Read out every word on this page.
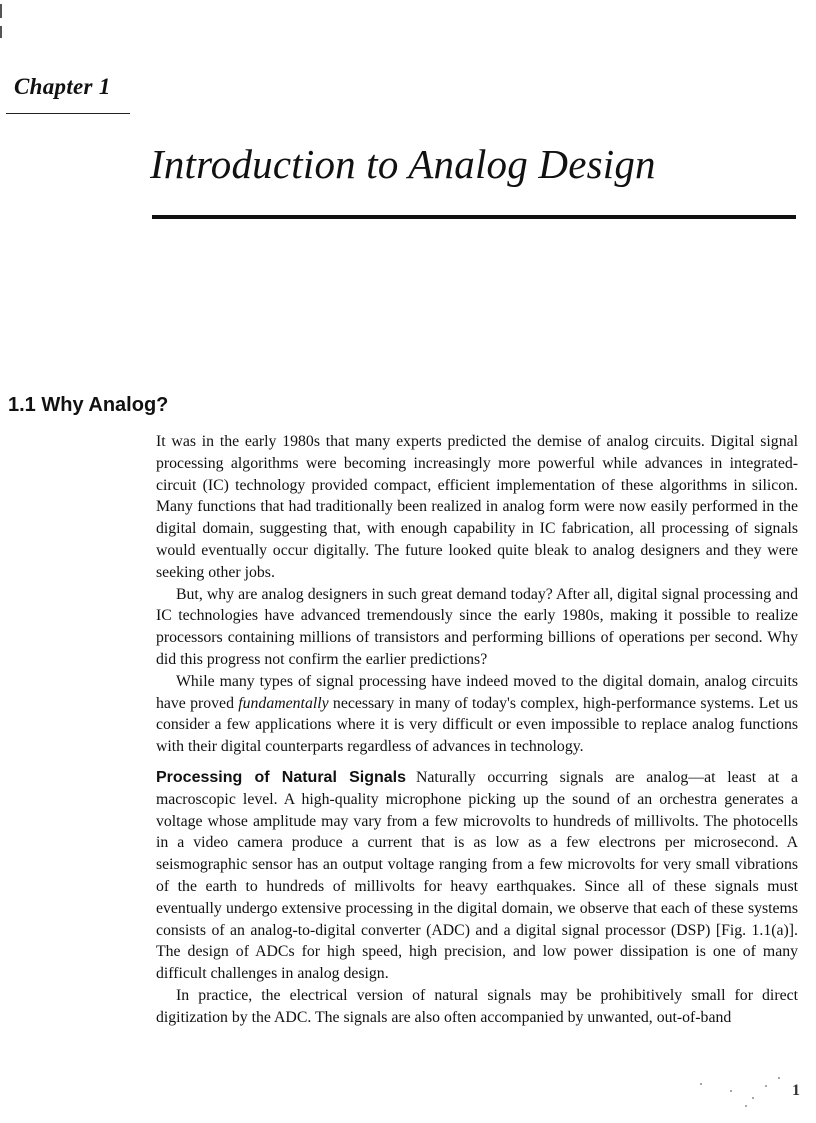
Chapter 1
Introduction to Analog Design
1.1 Why Analog?

It was in the early 1980s that many experts predicted the demise of analog circuits. Digital signal processing algorithms were becoming increasingly more powerful while advances in integrated-circuit (IC) technology provided compact, efficient implementation of these algorithms in silicon. Many functions that had traditionally been realized in analog form were now easily performed in the digital domain, suggesting that, with enough capability in IC fabrication, all processing of signals would eventually occur digitally. The future looked quite bleak to analog designers and they were seeking other jobs.

But, why are analog designers in such great demand today? After all, digital signal processing and IC technologies have advanced tremendously since the early 1980s, making it possible to realize processors containing millions of transistors and performing billions of operations per second. Why did this progress not confirm the earlier predictions?

While many types of signal processing have indeed moved to the digital domain, analog circuits have proved fundamentally necessary in many of today's complex, high-performance systems. Let us consider a few applications where it is very difficult or even impossible to replace analog functions with their digital counterparts regardless of advances in technology.

Processing of Natural Signals Naturally occurring signals are analog—at least at a macroscopic level. A high-quality microphone picking up the sound of an orchestra generates a voltage whose amplitude may vary from a few microvolts to hundreds of millivolts. The photocells in a video camera produce a current that is as low as a few electrons per microsecond. A seismographic sensor has an output voltage ranging from a few microvolts for very small vibrations of the earth to hundreds of millivolts for heavy earthquakes. Since all of these signals must eventually undergo extensive processing in the digital domain, we observe that each of these systems consists of an analog-to-digital converter (ADC) and a digital signal processor (DSP) [Fig. 1.1(a)]. The design of ADCs for high speed, high precision, and low power dissipation is one of many difficult challenges in analog design.

In practice, the electrical version of natural signals may be prohibitively small for direct digitization by the ADC. The signals are also often accompanied by unwanted, out-of-band

1
